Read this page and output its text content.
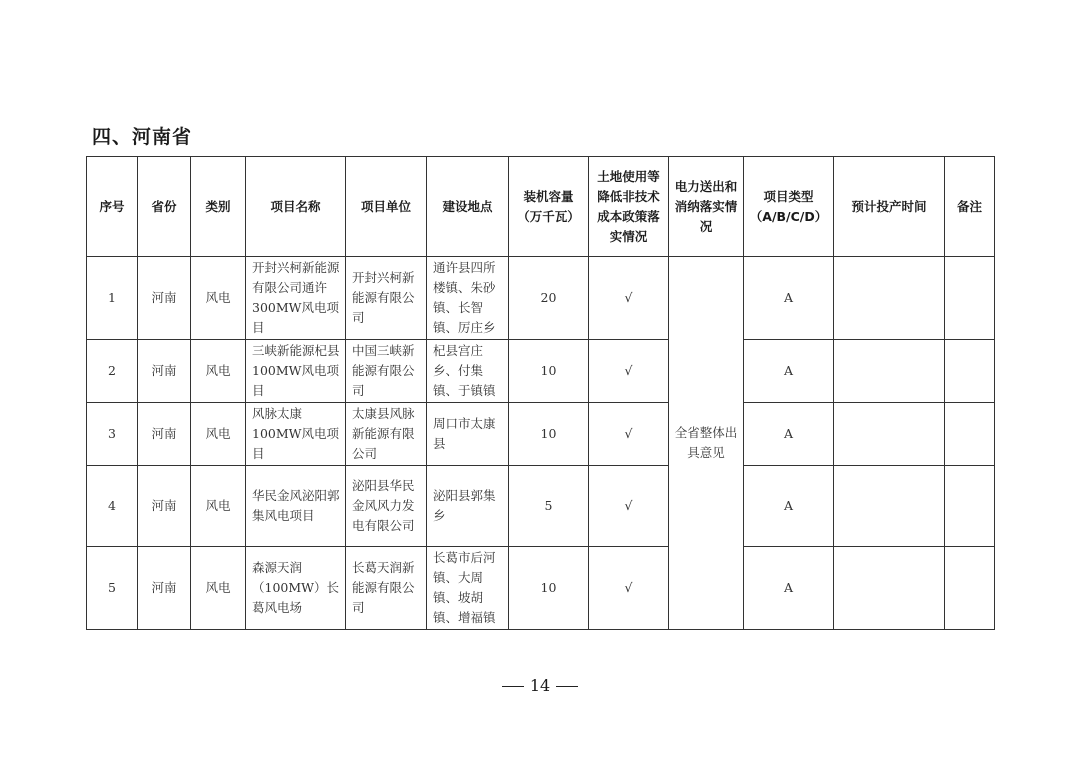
四、河南省
序号	省份	类别	项目名称	项目单位	建设地点	装机容量（万千瓦）	土地使用等降低非技术成本政策落实情况	电力送出和消纳落实情况	项目类型（A/B/C/D）	预计投产时间	备注
1	河南	风电	开封兴柯新能源有限公司通许300MW风电项目	开封兴柯新能源有限公司	通许县四所楼镇、朱砂镇、长智镇、厉庄乡	20	√	全省整体出具意见	A		
2	河南	风电	三峡新能源杞县100MW风电项目	中国三峡新能源有限公司	杞县宫庄乡、付集镇、于镇镇	10	√		A		
3	河南	风电	风脉太康100MW风电项目	太康县风脉新能源有限公司	周口市太康县	10	√		A		
4	河南	风电	华民金风泌阳郭集风电项目	泌阳县华民金风风力发电有限公司	泌阳县郭集乡	5	√		A		
5	河南	风电	森源天润（100MW）长葛风电场	长葛天润新能源有限公司	长葛市后河镇、大周镇、坡胡镇、增福镇	10	√		A		
14
